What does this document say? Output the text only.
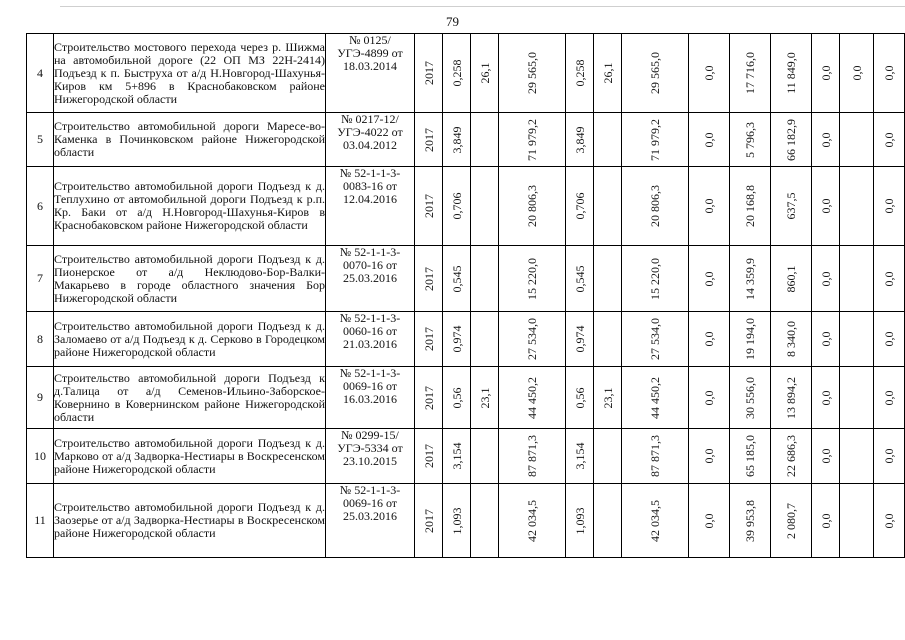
79
4	Строительство мостового перехода через р. Шижма на автомобильной дороге (22 ОП МЗ 22Н-2414) Подъезд к п. Быструха от а/д Н.Новгород-Шахунья-Киров км 5+896 в Краснобаковском районе Нижегородской области	№ 0125/УГЭ-4899 от 18.03.2014	2017	0,258	26,1	29 565,0	0,258	26,1	29 565,0	0,0	17 716,0	11 849,0	0,0	0,0	0,0

5	Строительство автомобильной дороги Маресе-во-Каменка в Починковском районе Нижегородской области	№ 0217-12/УГЭ-4022 от 03.04.2012	2017	3,849		71 979,2	3,849		71 979,2	0,0	5 796,3	66 182,9	0,0		0,0

6	Строительство автомобильной дороги Подъезд к д. Теплухино от автомобильной дороги Подъезд к р.п. Кр. Баки от а/д Н.Новгород-Шахунья-Киров в Краснобаковском районе Нижегородской области	№ 52-1-1-3-0083-16 от 12.04.2016	2017	0,706		20 806,3	0,706		20 806,3	0,0	20 168,8	637,5	0,0		0,0

7	Строительство автомобильной дороги Подъезд к д. Пионерское от а/д Неклюдово-Бор-Валки-Макарьево в городе областного значения Бор Нижегородской области	№ 52-1-1-3-0070-16 от 25.03.2016	2017	0,545		15 220,0	0,545		15 220,0	0,0	14 359,9	860,1	0,0		0,0

8	Строительство автомобильной дороги Подъезд к д. Заломаево от а/д Подъезд к д. Серково в Городецком районе Нижегородской области	№ 52-1-1-3-0060-16 от 21.03.2016	2017	0,974		27 534,0	0,974		27 534,0	0,0	19 194,0	8 340,0	0,0		0,0

9	Строительство автомобильной дороги Подъезд к д.Талица от а/д Семенов-Ильино-Заборское-Ковернино в Ковернинском районе Нижегородской области	№ 52-1-1-3-0069-16 от 16.03.2016	2017	0,56	23,1	44 450,2	0,56	23,1	44 450,2	0,0	30 556,0	13 894,2	0,0		0,0

10	Строительство автомобильной дороги Подъезд к д. Марково от а/д Задворка-Нестиары в Воскресенском районе Нижегородской области	№ 0299-15/УГЭ-5334 от 23.10.2015	2017	3,154		87 871,3	3,154		87 871,3	0,0	65 185,0	22 686,3	0,0		0,0

11	Строительство автомобильной дороги Подъезд к д. Заозерье от а/д Задворка-Нестиары в Воскресенском районе Нижегородской области	№ 52-1-1-3-0069-16 от 25.03.2016	2017	1,093		42 034,5	1,093		42 034,5	0,0	39 953,8	2 080,7	0,0		0,0
